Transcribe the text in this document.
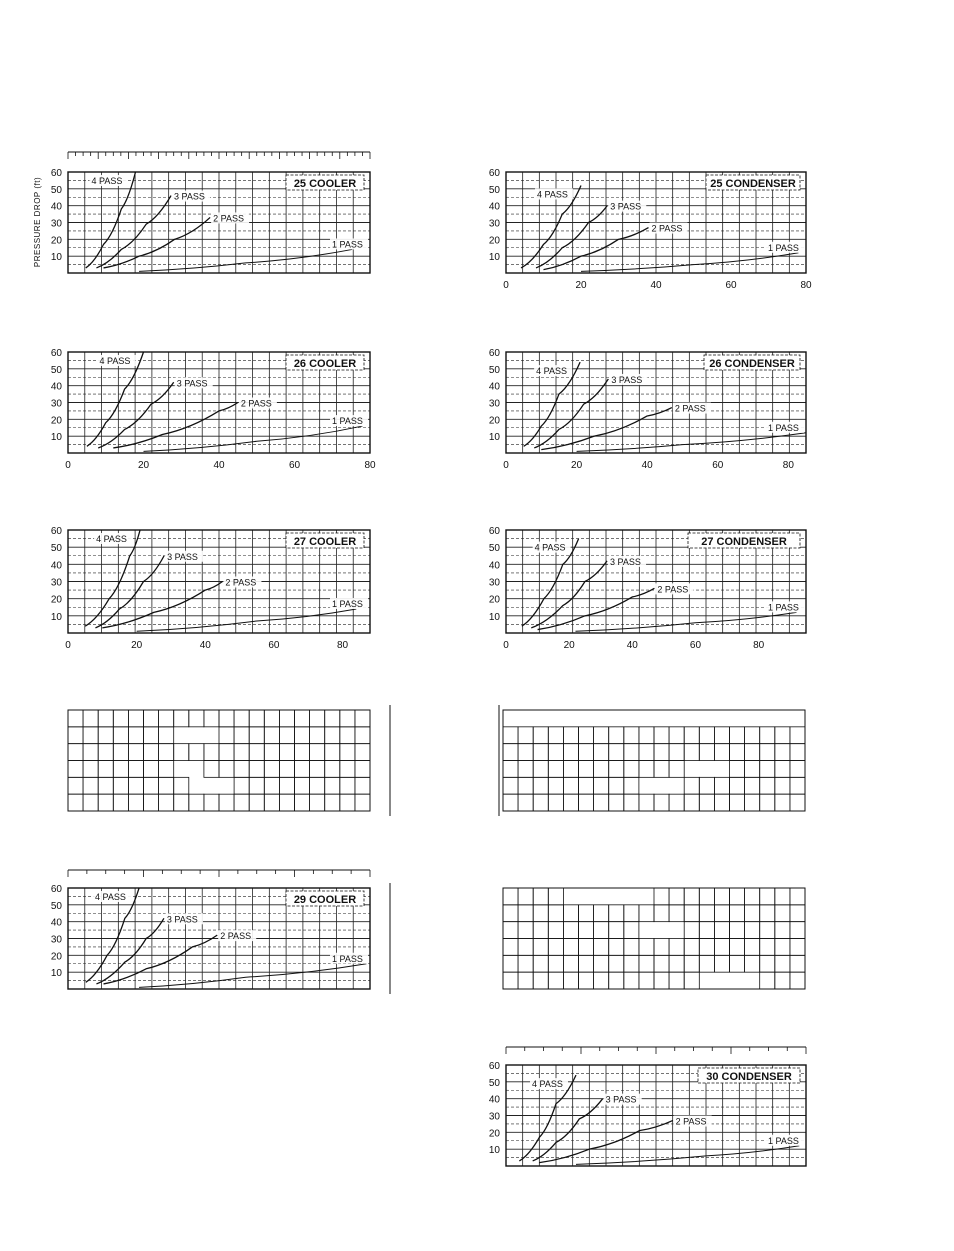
60
50
40
30
20
10
25 COOLER
4 PASS
3 PASS
2 PASS
1 PASS
60
50
40
30
20
10
0	20	40	60	80
25 CONDENSER
4 PASS
3 PASS
2 PASS
1 PASS
60
50
40
30
20
10
0	20	40	60	80
26 COOLER
4 PASS
3 PASS
2 PASS
1 PASS
60
50
40
30
20
10
0	20	40	60	80
26 CONDENSER
4 PASS
3 PASS
2 PASS
1 PASS
60
50
40
30
20
10
0	20	40	60	80
27 COOLER
4 PASS
3 PASS
2 PASS
1 PASS
60
50
40
30
20
10
0	20	40	60	80
27 CONDENSER
4 PASS
3 PASS
2 PASS
1 PASS
60
50
40
30
20
10
29 COOLER
4 PASS
3 PASS
2 PASS
1 PASS
60
50
40
30
20
10
30 CONDENSER
4 PASS
3 PASS
2 PASS
1 PASS
PRESSURE DROP (ft)
